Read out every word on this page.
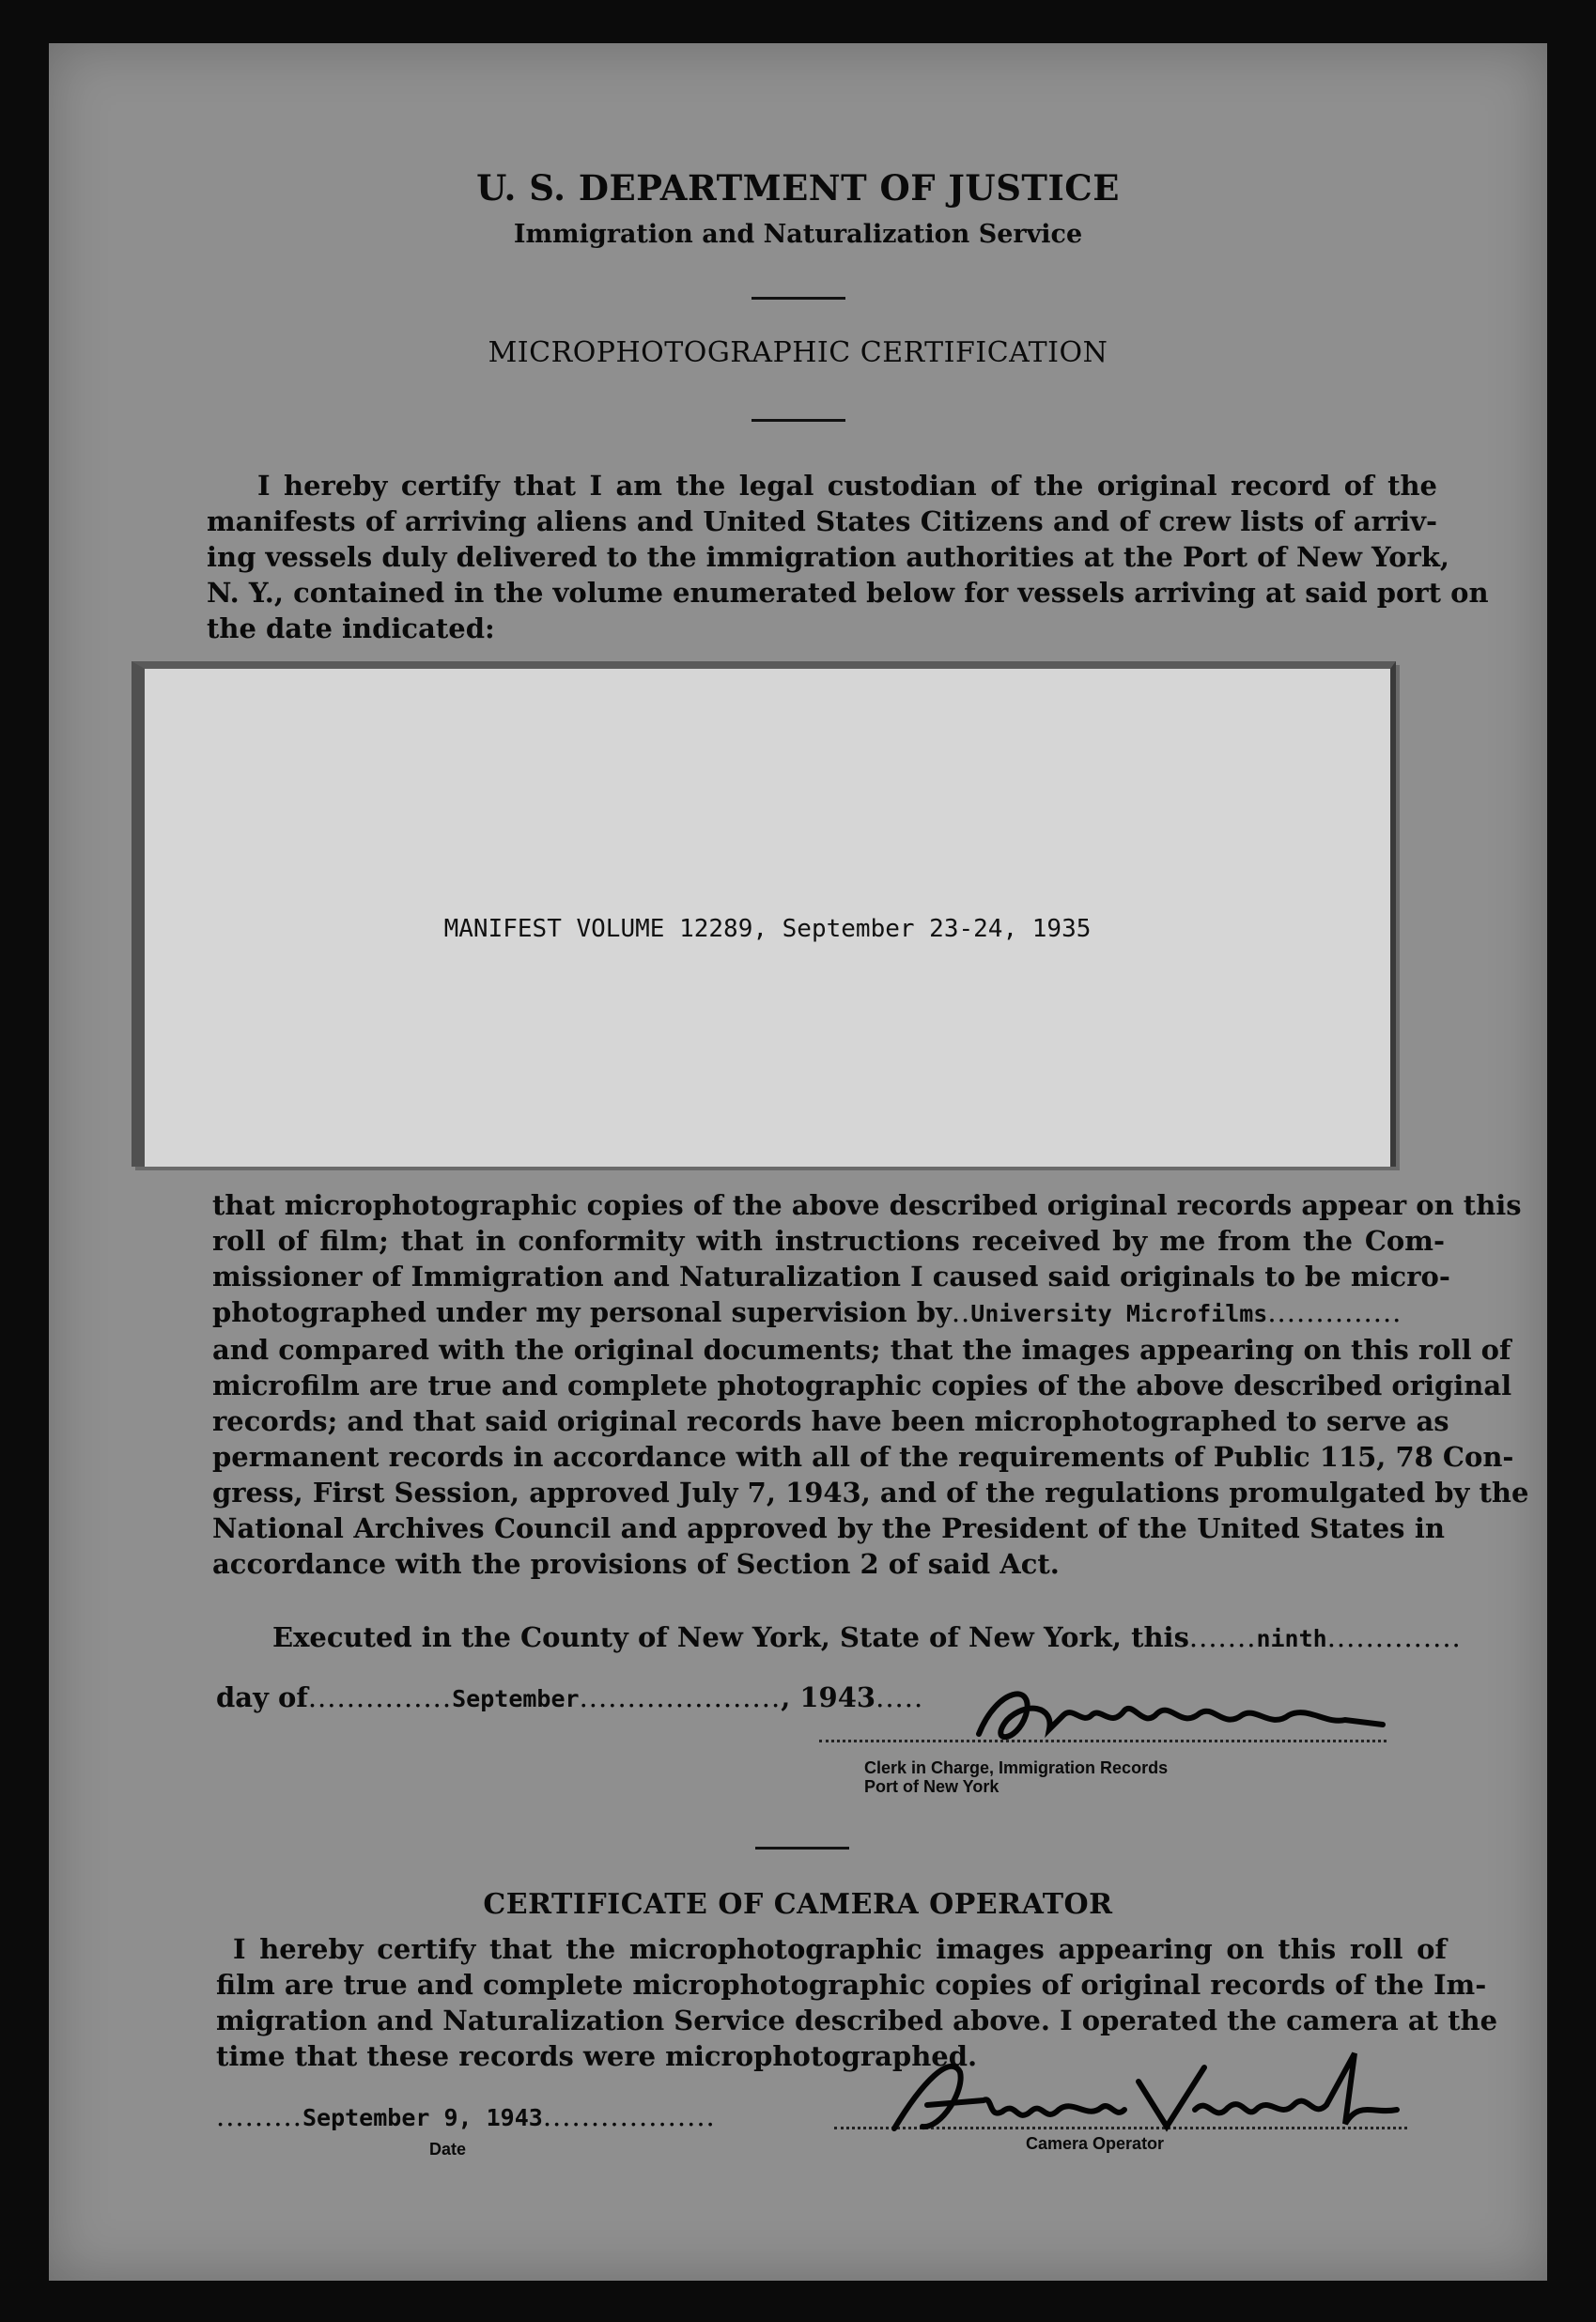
U. S. DEPARTMENT OF JUSTICE
Immigration and Naturalization Service
MICROPHOTOGRAPHIC CERTIFICATION
I hereby certify that I am the legal custodian of the original record of the
manifests of arriving aliens and United States Citizens and of crew lists of arriv-
ing vessels duly delivered to the immigration authorities at the Port of New York,
N. Y., contained in the volume enumerated below for vessels arriving at said port on
the date indicated:
MANIFEST VOLUME 12289, September 23-24, 1935
that microphotographic copies of the above described original records appear on this
roll of film; that in conformity with instructions received by me from the Com-
missioner of Immigration and Naturalization I caused said originals to be micro-
photographed under my personal supervision by..University Microfilms..............
and compared with the original documents; that the images appearing on this roll of
microfilm are true and complete photographic copies of the above described original
records; and that said original records have been microphotographed to serve as
permanent records in accordance with all of the requirements of Public 115, 78 Con-
gress, First Session, approved July 7, 1943, and of the regulations promulgated by the
National Archives Council and approved by the President of the United States in
accordance with the provisions of Section 2 of said Act.
Executed in the County of New York, State of New York, this.......ninth..............
day of...............September....................., 1943.....
Clerk in Charge, Immigration Records
Port of New York
CERTIFICATE OF CAMERA OPERATOR
I hereby certify that the microphotographic images appearing on this roll of
film are true and complete microphotographic copies of original records of the Im-
migration and Naturalization Service described above. I operated the camera at the
time that these records were microphotographed.
.........September 9, 1943..................
Date	Camera Operator
